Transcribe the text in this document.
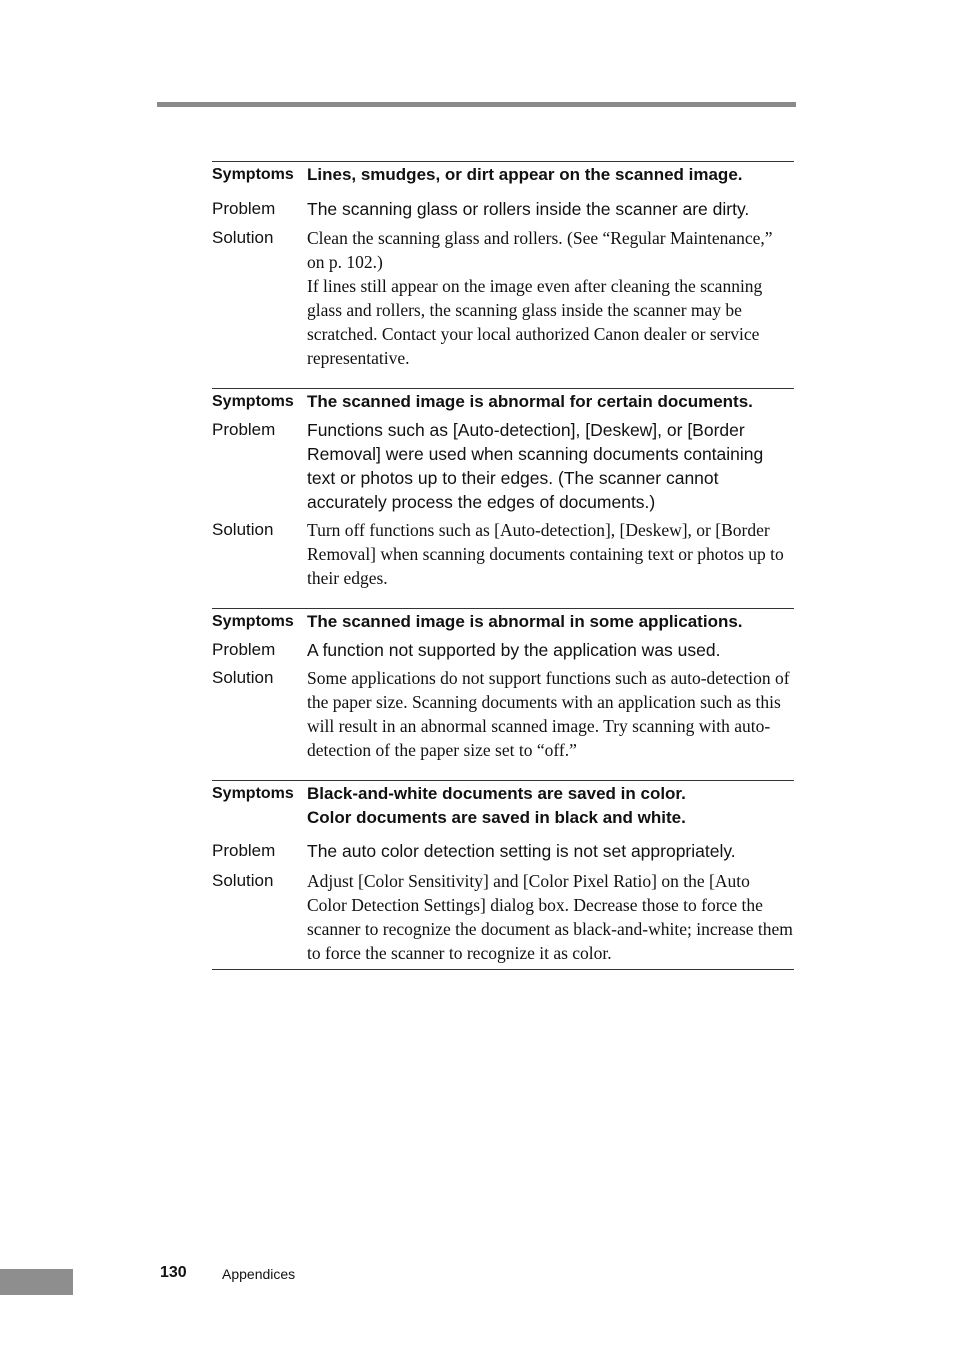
Symptoms Lines, smudges, or dirt appear on the scanned image.
Problem	The scanning glass or rollers inside the scanner are dirty.
Solution	Clean the scanning glass and rollers. (See “Regular Maintenance,” on p. 102.)
If lines still appear on the image even after cleaning the scanning glass and rollers, the scanning glass inside the scanner may be scratched. Contact your local authorized Canon dealer or service representative.
Symptoms The scanned image is abnormal for certain documents.
Problem	Functions such as [Auto-detection], [Deskew], or [Border Removal] were used when scanning documents containing text or photos up to their edges. (The scanner cannot accurately process the edges of documents.)
Solution	Turn off functions such as [Auto-detection], [Deskew], or [Border Removal] when scanning documents containing text or photos up to their edges.
Symptoms The scanned image is abnormal in some applications.
Problem	A function not supported by the application was used.
Solution	Some applications do not support functions such as auto-detection of the paper size. Scanning documents with an application such as this will result in an abnormal scanned image. Try scanning with auto-detection of the paper size set to “off.”
Symptoms Black-and-white documents are saved in color.
Color documents are saved in black and white.
Problem	The auto color detection setting is not set appropriately.
Solution	Adjust [Color Sensitivity] and [Color Pixel Ratio] on the [Auto Color Detection Settings] dialog box. Decrease those to force the scanner to recognize the document as black-and-white; increase them to force the scanner to recognize it as color.
130	Appendices
